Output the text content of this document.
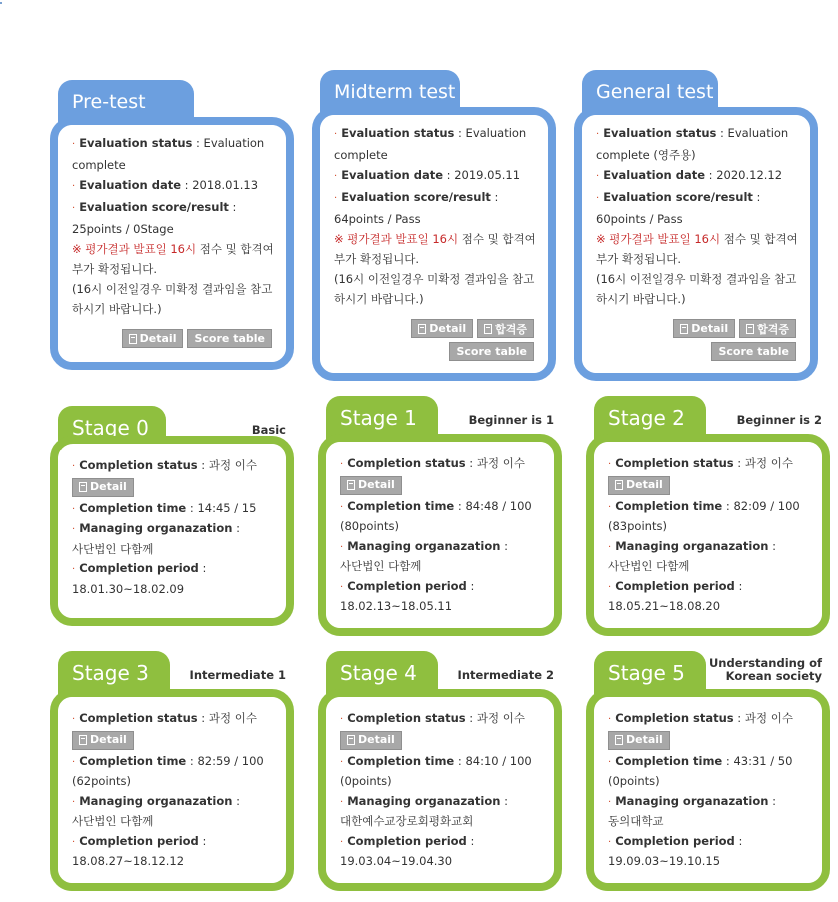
Pre-test
· Evaluation status : Evaluation complete
· Evaluation date : 2018.01.13
· Evaluation score/result :
25points / 0Stage
※ 평가결과 발표일 16시 점수 및 합격여부가 확정됩니다.
(16시 이전일경우 미확정 결과임을 참고하시기 바랍니다.)
Detail Score table
Midterm test
· Evaluation status : Evaluation complete
· Evaluation date : 2019.05.11
· Evaluation score/result :
64points / Pass
※ 평가결과 발표일 16시 점수 및 합격여부가 확정됩니다.
(16시 이전일경우 미확정 결과임을 참고하시기 바랍니다.)
Detail	합격증
Score table
General test
· Evaluation status : Evaluation complete (영주용)
· Evaluation date : 2020.12.12
· Evaluation score/result :
60points / Pass
※ 평가결과 발표일 16시 점수 및 합격여부가 확정됩니다.
(16시 이전일경우 미확정 결과임을 참고하시기 바랍니다.)
Detail	합격증
Score table
Stage 0	Basic
· Completion status : 과정 이수
Detail
· Completion time : 14:45 / 15
· Managing organazation :
사단법인 다함께
· Completion period :
18.01.30~18.02.09
Stage 1	Beginner is 1
· Completion status : 과정 이수
Detail
· Completion time : 84:48 / 100
(80points)
· Managing organazation :
사단법인 다함께
· Completion period :
18.02.13~18.05.11
Stage 2	Beginner is 2
· Completion status : 과정 이수
Detail
· Completion time : 82:09 / 100
(83points)
· Managing organazation :
사단법인 다함께
· Completion period :
18.05.21~18.08.20
Stage 3	Intermediate 1
· Completion status : 과정 이수
Detail
· Completion time : 82:59 / 100
(62points)
· Managing organazation :
사단법인 다함께
· Completion period :
18.08.27~18.12.12
Stage 4	Intermediate 2
· Completion status : 과정 이수
Detail
· Completion time : 84:10 / 100
(0points)
· Managing organazation :
대한예수교장로회평화교회
· Completion period :
19.03.04~19.04.30
Stage 5	Understanding of Korean society
· Completion status : 과정 이수
Detail
· Completion time : 43:31 / 50
(0points)
· Managing organazation :
동의대학교
· Completion period :
19.09.03~19.10.15
